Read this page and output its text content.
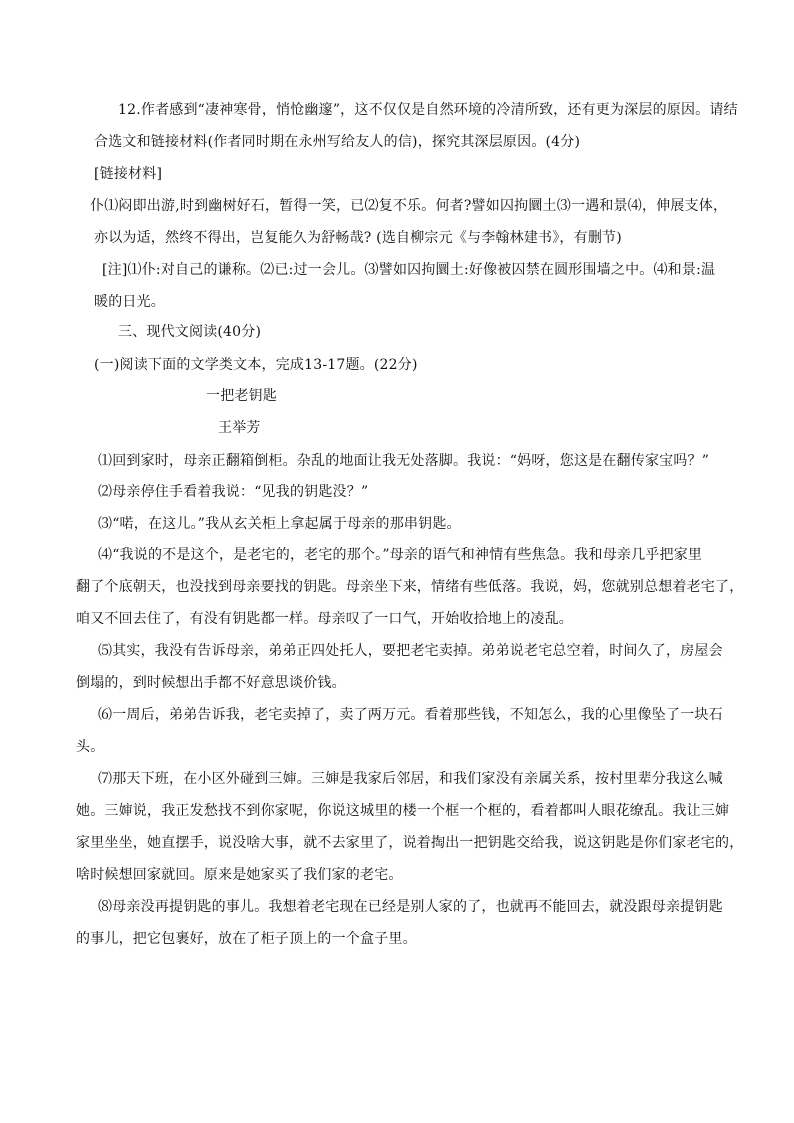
12.作者感到“凄神寒骨，悄怆幽邃”，这不仅仅是自然环境的冷清所致，还有更为深层的原因。请结
合选文和链接材料(作者同时期在永州写给友人的信)，探究其深层原因。(4分)
[链接材料]
仆⑴闷即出游,时到幽树好石，暂得一笑，已⑵复不乐。何者?譬如囚拘圜土⑶一遇和景⑷，伸展支体，
亦以为适，然终不得出，岂复能久为舒畅哉? (选自柳宗元《与李翰林建书》，有删节)
[注]⑴仆:对自己的谦称。⑵已:过一会儿。⑶譬如囚拘圜土:好像被囚禁在圆形围墙之中。⑷和景:温
暖的日光。
三、现代文阅读(40分)
(一)阅读下面的文学类文本，完成13-17题。(22分)
一把老钥匙
王举芳
⑴回到家时，母亲正翻箱倒柜。杂乱的地面让我无处落脚。我说：“妈呀，您这是在翻传家宝吗？”
⑵母亲停住手看着我说：“见我的钥匙没？”
⑶“喏，在这儿。”我从玄关柜上拿起属于母亲的那串钥匙。
⑷“我说的不是这个，是老宅的，老宅的那个。”母亲的语气和神情有些焦急。我和母亲几乎把家里
翻了个底朝天，也没找到母亲要找的钥匙。母亲坐下来，情绪有些低落。我说，妈，您就别总想着老宅了，
咱又不回去住了，有没有钥匙都一样。母亲叹了一口气，开始收拾地上的凌乱。
⑸其实，我没有告诉母亲，弟弟正四处托人，要把老宅卖掉。弟弟说老宅总空着，时间久了，房屋会
倒塌的，到时候想出手都不好意思谈价钱。
⑹一周后，弟弟告诉我，老宅卖掉了，卖了两万元。看着那些钱，不知怎么，我的心里像坠了一块石
头。
⑺那天下班，在小区外碰到三婶。三婶是我家后邻居，和我们家没有亲属关系，按村里辈分我这么喊
她。三婶说，我正发愁找不到你家呢，你说这城里的楼一个框一个框的，看着都叫人眼花缭乱。我让三婶
家里坐坐，她直摆手，说没啥大事，就不去家里了，说着掏出一把钥匙交给我，说这钥匙是你们家老宅的，
啥时候想回家就回。原来是她家买了我们家的老宅。
⑻母亲没再提钥匙的事儿。我想着老宅现在已经是别人家的了，也就再不能回去，就没跟母亲提钥匙
的事儿，把它包裹好，放在了柜子顶上的一个盒子里。
